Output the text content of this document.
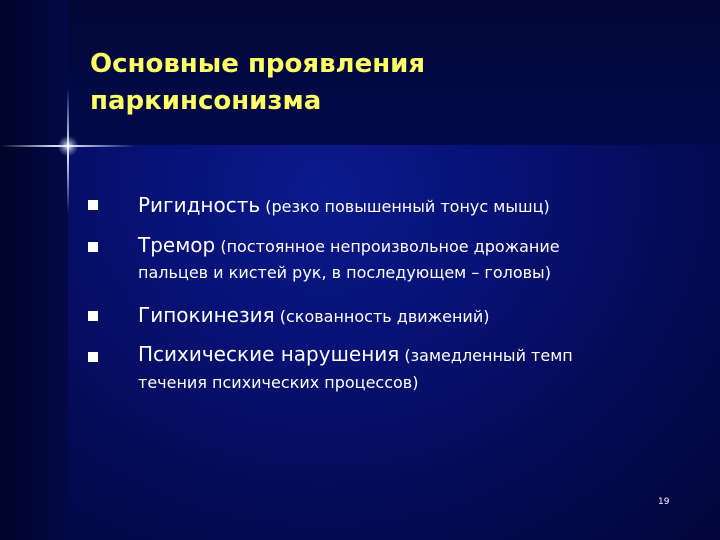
Основные проявления
паркинсонизма
Ригидность (резко повышенный тонус мышц)
Тремор (постоянное непроизвольное дрожание
пальцев и кистей рук, в последующем – головы)
Гипокинезия (скованность движений)
Психические нарушения (замедленный темп
течения психических процессов)
19
